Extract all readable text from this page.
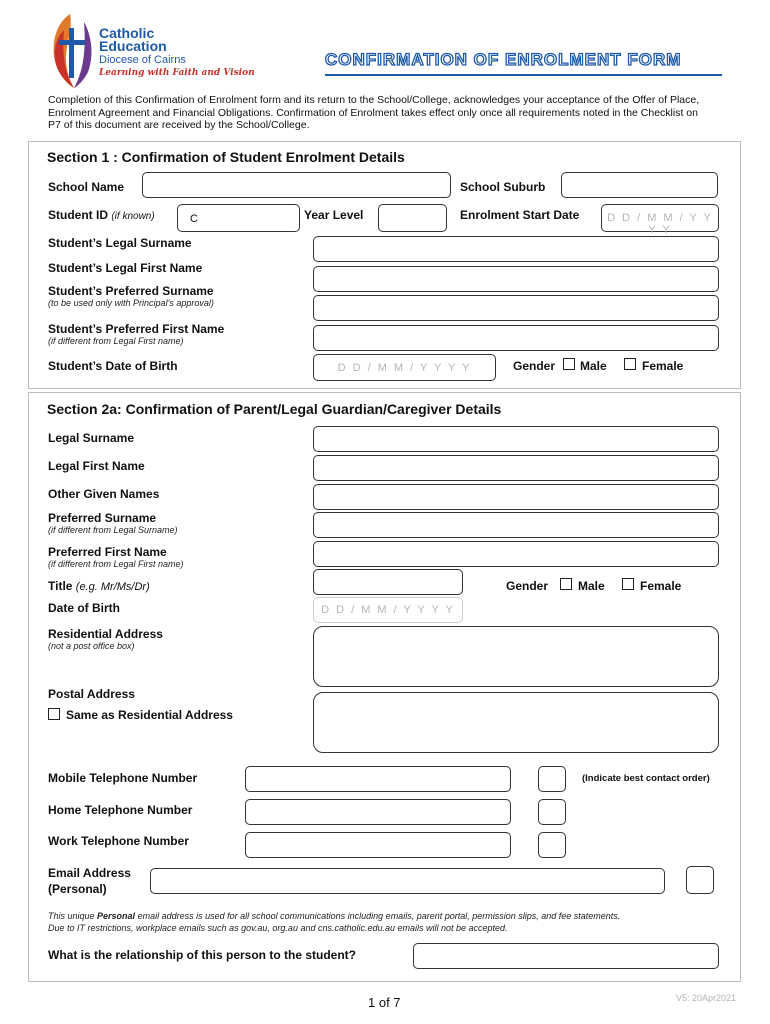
Catholic
Education
Diocese of Cairns
Learning with Faith and Vision
CONFIRMATION OF ENROLMENT FORM
Completion of this Confirmation of Enrolment form and its return to the School/College, acknowledges your acceptance of the Offer of Place, Enrolment Agreement and Financial Obligations. Confirmation of Enrolment takes effect only once all requirements noted in the Checklist on P7 of this document are received by the School/College.
Section 1 : Confirmation of Student Enrolment Details
School Name	School Suburb
Student ID (if known)	C	Year Level	Enrolment Start Date	D D / M M / Y Y Y Y
Student’s Legal Surname
Student’s Legal First Name
Student’s Preferred Surname
(to be used only with Principal’s approval)
Student’s Preferred First Name
(if different from Legal First name)
Student’s Date of Birth	D D / M M / Y Y Y Y	Gender Male	Female
Section 2a: Confirmation of Parent/Legal Guardian/Caregiver Details
Legal Surname
Legal First Name
Other Given Names
Preferred Surname
(if different from Legal Surname)
Preferred First Name
(if different from Legal First name)
Title (e.g. Mr/Ms/Dr)	Gender Male	Female
Date of Birth	D D / M M / Y Y Y Y
Residential Address
(not a post office box)
Postal Address
Same as Residential Address
Mobile Telephone Number	(Indicate best contact order)
Home Telephone Number
Work Telephone Number
Email Address
(Personal)
This unique Personal email address is used for all school communications including emails, parent portal, permission slips, and fee statements.
Due to IT restrictions, workplace emails such as gov.au, org.au and cns.catholic.edu.au emails will not be accepted.
What is the relationship of this person to the student?
1 of 7	V5: 20Apr2021
